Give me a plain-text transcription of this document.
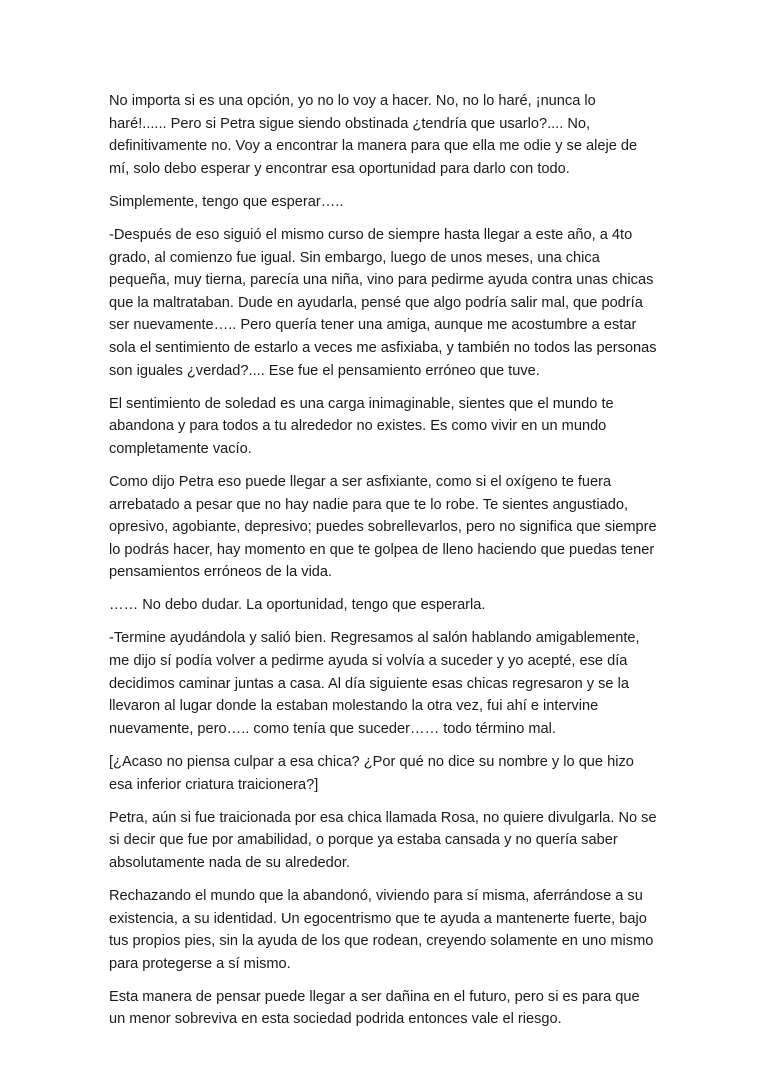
No importa si es una opción, yo no lo voy a hacer. No, no lo haré, ¡nunca lo haré!...... Pero si Petra sigue siendo obstinada ¿tendría que usarlo?.... No, definitivamente no. Voy a encontrar la manera para que ella me odie y se aleje de mí, solo debo esperar y encontrar esa oportunidad para darlo con todo.

Simplemente, tengo que esperar…..

-Después de eso siguió el mismo curso de siempre hasta llegar a este año, a 4to grado, al comienzo fue igual. Sin embargo, luego de unos meses, una chica pequeña, muy tierna, parecía una niña, vino para pedirme ayuda contra unas chicas que la maltrataban. Dude en ayudarla, pensé que algo podría salir mal, que podría ser nuevamente….. Pero quería tener una amiga, aunque me acostumbre a estar sola el sentimiento de estarlo a veces me asfixiaba, y también no todos las personas son iguales ¿verdad?.... Ese fue el pensamiento erróneo que tuve.

El sentimiento de soledad es una carga inimaginable, sientes que el mundo te abandona y para todos a tu alrededor no existes. Es como vivir en un mundo completamente vacío.

Como dijo Petra eso puede llegar a ser asfixiante, como si el oxígeno te fuera arrebatado a pesar que no hay nadie para que te lo robe. Te sientes angustiado, opresivo, agobiante, depresivo; puedes sobrellevarlos, pero no significa que siempre lo podrás hacer, hay momento en que te golpea de lleno haciendo que puedas tener pensamientos erróneos de la vida.

…… No debo dudar. La oportunidad, tengo que esperarla.

-Termine ayudándola y salió bien. Regresamos al salón hablando amigablemente, me dijo sí podía volver a pedirme ayuda si volvía a suceder y yo acepté, ese día decidimos caminar juntas a casa. Al día siguiente esas chicas regresaron y se la llevaron al lugar donde la estaban molestando la otra vez, fui ahí e intervine nuevamente, pero….. como tenía que suceder…… todo término mal.

[¿Acaso no piensa culpar a esa chica? ¿Por qué no dice su nombre y lo que hizo esa inferior criatura traicionera?]

Petra, aún si fue traicionada por esa chica llamada Rosa, no quiere divulgarla. No se si decir que fue por amabilidad, o porque ya estaba cansada y no quería saber absolutamente nada de su alrededor.

Rechazando el mundo que la abandonó, viviendo para sí misma, aferrándose a su existencia, a su identidad. Un egocentrismo que te ayuda a mantenerte fuerte, bajo tus propios pies, sin la ayuda de los que rodean, creyendo solamente en uno mismo para protegerse a sí mismo.

Esta manera de pensar puede llegar a ser dañina en el futuro, pero si es para que un menor sobreviva en esta sociedad podrida entonces vale el riesgo.
